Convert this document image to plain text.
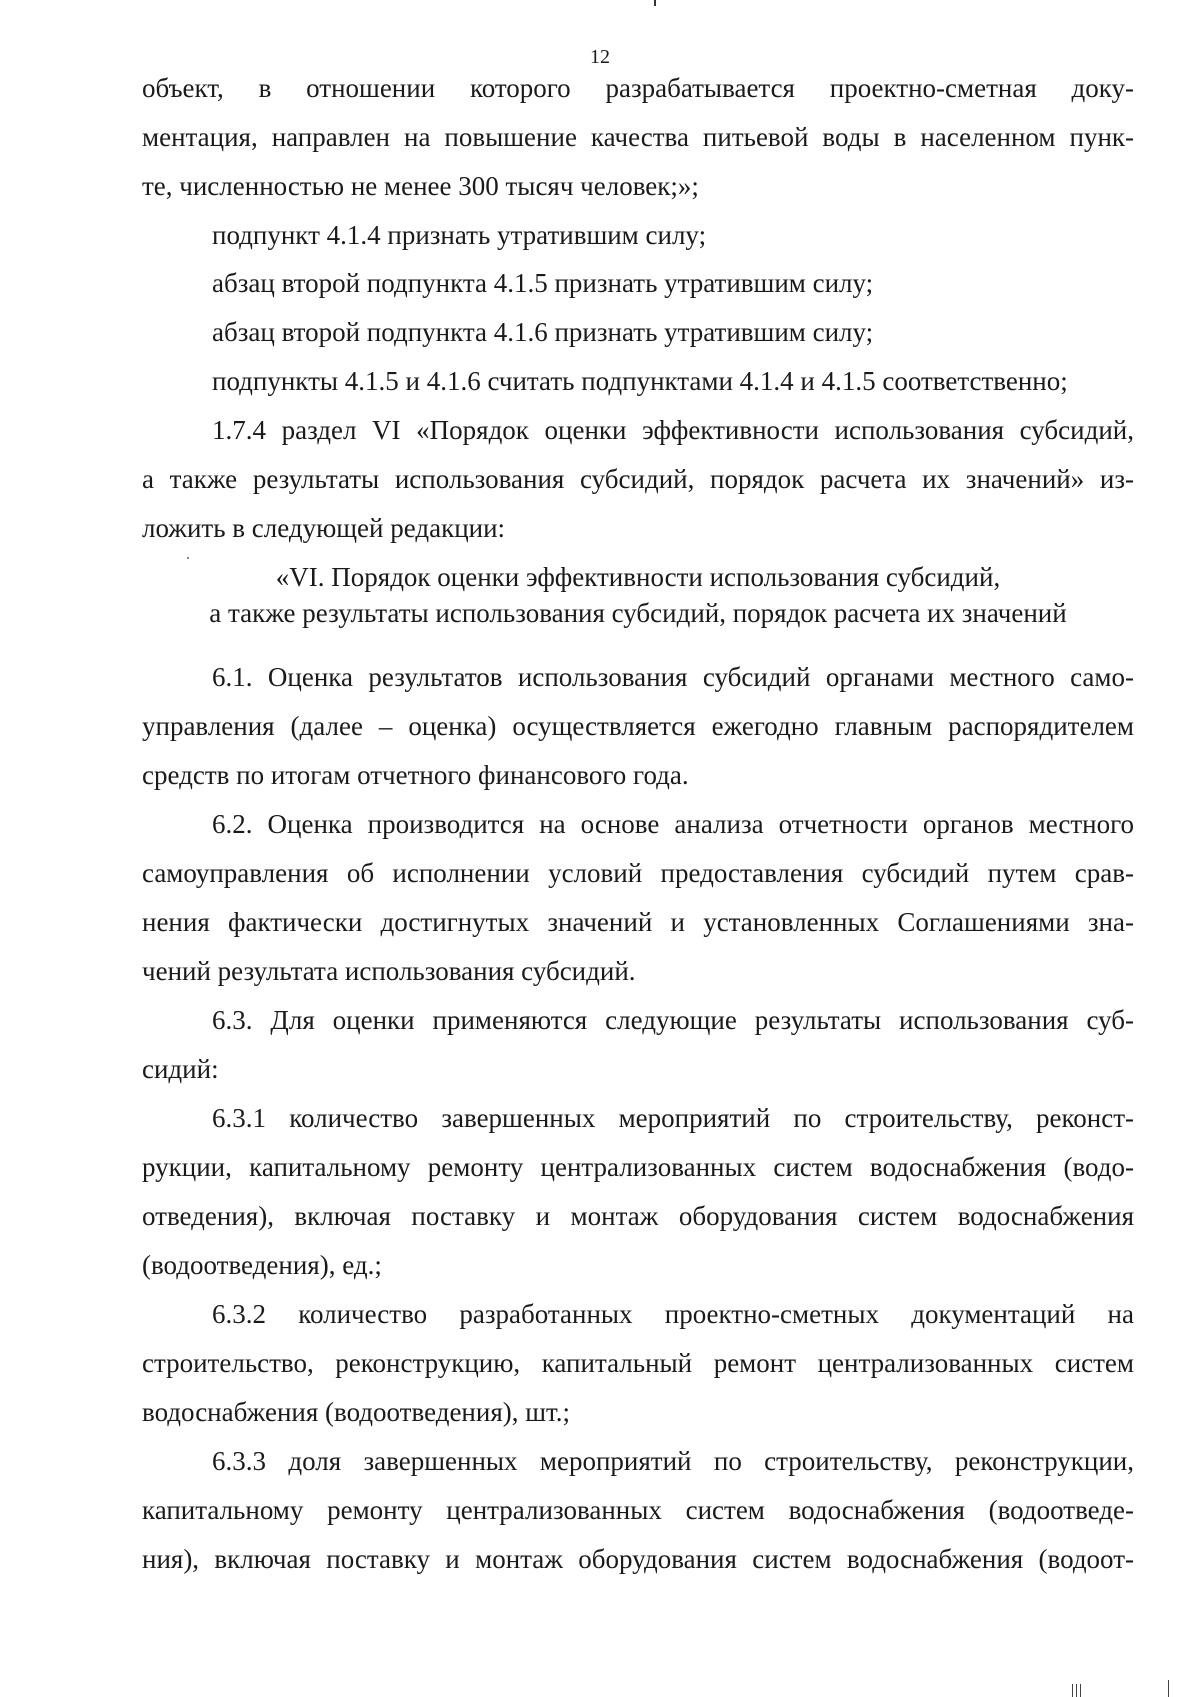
12
объект, в отношении которого разрабатывается проектно-сметная доку-
ментация, направлен на повышение качества питьевой воды в населенном пунк-
те, численностью не менее 300 тысяч человек;»;
подпункт 4.1.4 признать утратившим силу;
абзац второй подпункта 4.1.5 признать утратившим силу;
абзац второй подпункта 4.1.6 признать утратившим силу;
подпункты 4.1.5 и 4.1.6 считать подпунктами 4.1.4 и 4.1.5 соответственно;
1.7.4 раздел VI «Порядок оценки эффективности использования субсидий,
а также результаты использования субсидий, порядок расчета их значений» из-
ложить в следующей редакции:
«VI. Порядок оценки эффективности использования субсидий,
а также результаты использования субсидий, порядок расчета их значений
6.1. Оценка результатов использования субсидий органами местного само-
управления (далее – оценка) осуществляется ежегодно главным распорядителем
средств по итогам отчетного финансового года.
6.2. Оценка производится на основе анализа отчетности органов местного
самоуправления об исполнении условий предоставления субсидий путем срав-
нения фактически достигнутых значений и установленных Соглашениями зна-
чений результата использования субсидий.
6.3. Для оценки применяются следующие результаты использования суб-
сидий:
6.3.1 количество завершенных мероприятий по строительству, реконст-
рукции, капитальному ремонту централизованных систем водоснабжения (водо-
отведения), включая поставку и монтаж оборудования систем водоснабжения
(водоотведения), ед.;
6.3.2 количество разработанных проектно-сметных документаций на
строительство, реконструкцию, капитальный ремонт централизованных систем
водоснабжения (водоотведения), шт.;
6.3.3 доля завершенных мероприятий по строительству, реконструкции,
капитальному ремонту централизованных систем водоснабжения (водоотведе-
ния), включая поставку и монтаж оборудования систем водоснабжения (водоот-
